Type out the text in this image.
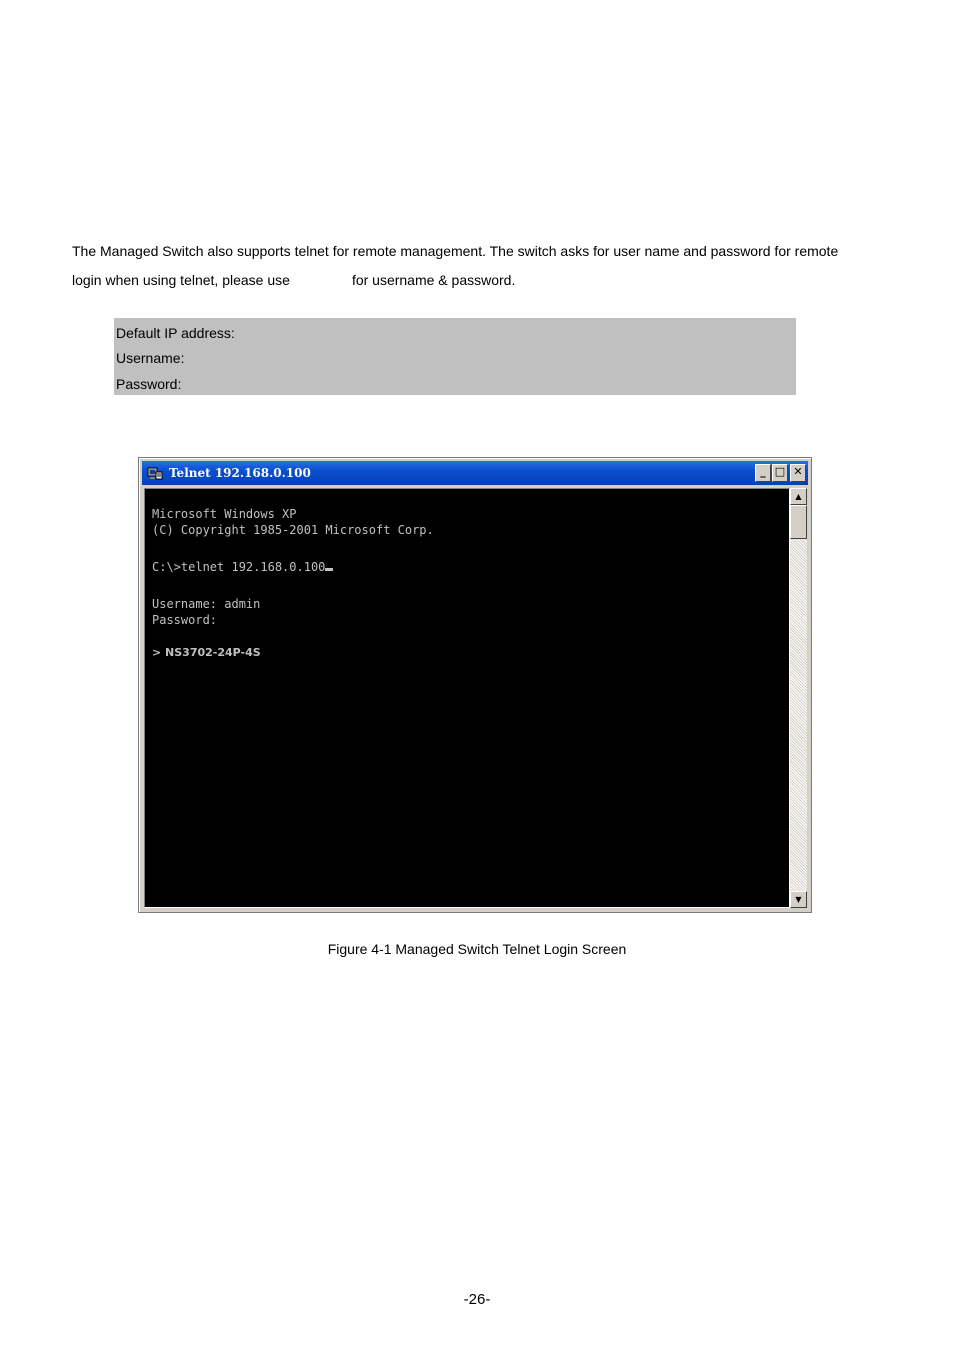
The Managed Switch also supports telnet for remote management. The switch asks for user name and password for remote

login when using telnet, please use	for username & password.

Default IP address:
Username:
Password:
Telnet 192.168.0.100	_ □ ✕
Microsoft Windows XP
(C) Copyright 1985-2001 Microsoft Corp.
C:\>telnet 192.168.0.100
Username: admin
Password:
> NS3702-24P-4S
▲
▼
Figure 4-1 Managed Switch Telnet Login Screen
-26-
